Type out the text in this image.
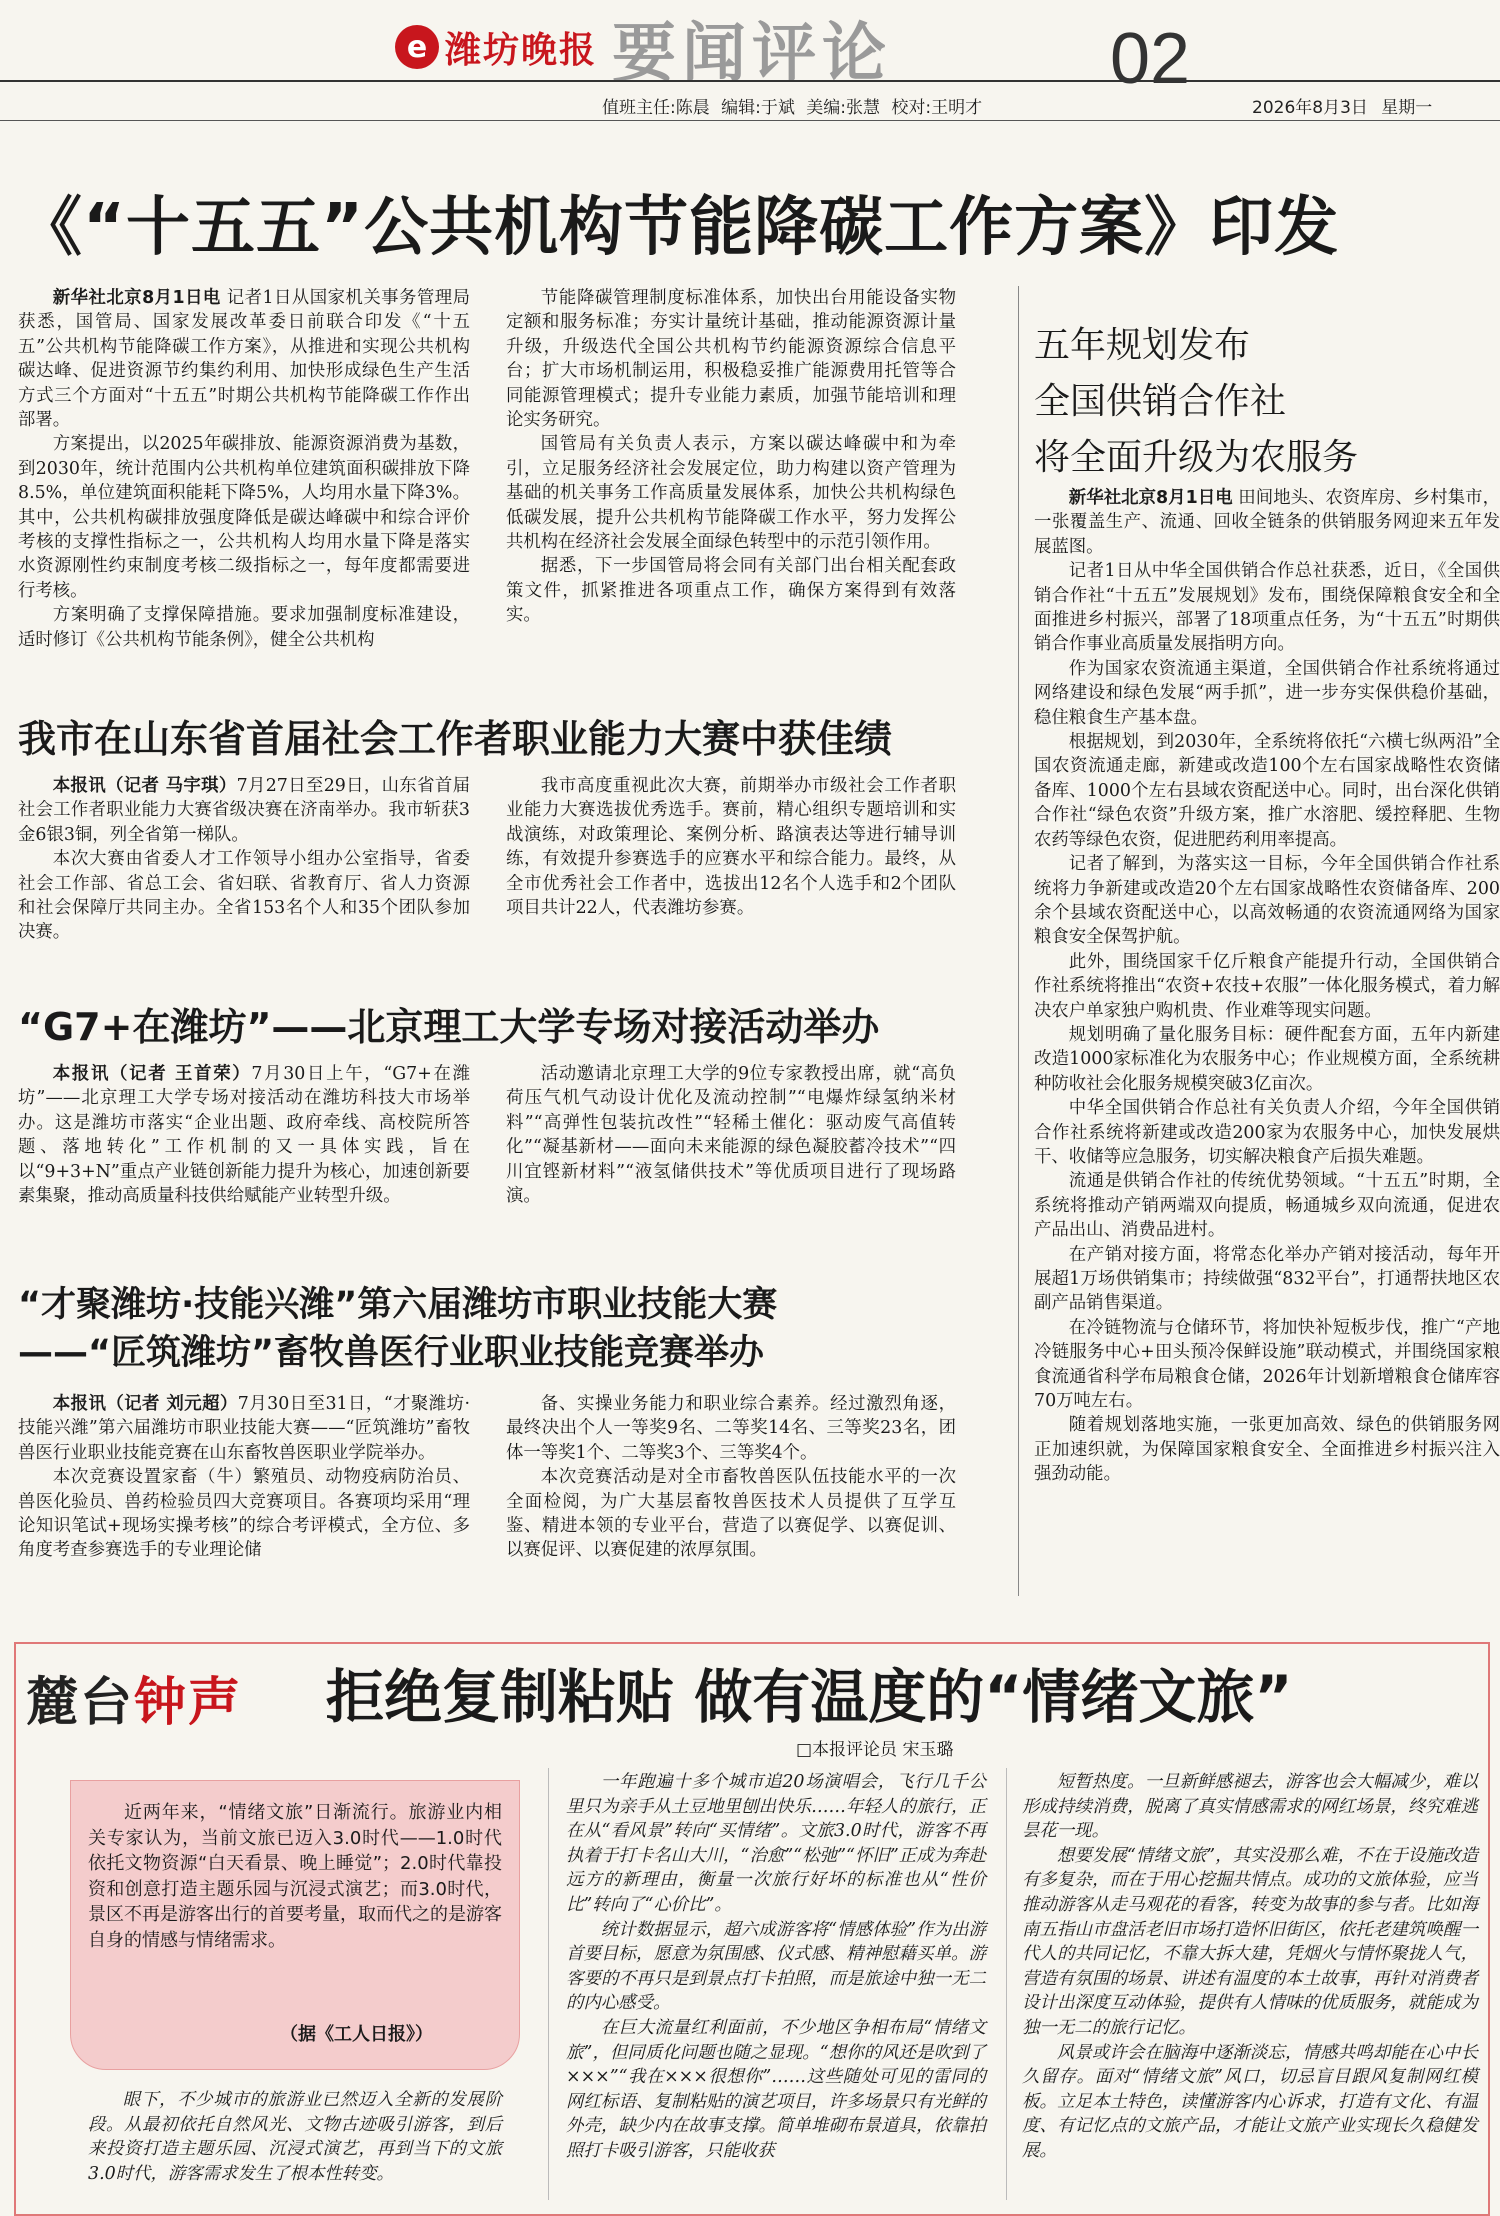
e 潍坊晚报 要闻评论	02
值班主任:陈晨 编辑:于斌 美编:张慧 校对:王明才	2026年8月3日 星期一
《“十五五”公共机构节能降碳工作方案》印发

新华社北京8月1日电 记者1日从国家机关事务管理局获悉，国管局、国家发展改革委日前联合印发《“十五五”公共机构节能降碳工作方案》，从推进和实现公共机构碳达峰、促进资源节约集约利用、加快形成绿色生产生活方式三个方面对“十五五”时期公共机构节能降碳工作作出部署。

方案提出，以2025年碳排放、能源资源消费为基数，到2030年，统计范围内公共机构单位建筑面积碳排放下降8.5%，单位建筑面积能耗下降5%，人均用水量下降3%。其中，公共机构碳排放强度降低是碳达峰碳中和综合评价考核的支撑性指标之一，公共机构人均用水量下降是落实水资源刚性约束制度考核二级指标之一，每年度都需要进行考核。

方案明确了支撑保障措施。要求加强制度标准建设，适时修订《公共机构节能条例》，健全公共机构

节能降碳管理制度标准体系，加快出台用能设备实物定额和服务标准；夯实计量统计基础，推动能源资源计量升级，升级迭代全国公共机构节约能源资源综合信息平台；扩大市场机制运用，积极稳妥推广能源费用托管等合同能源管理模式；提升专业能力素质，加强节能培训和理论实务研究。

国管局有关负责人表示，方案以碳达峰碳中和为牵引，立足服务经济社会发展定位，助力构建以资产管理为基础的机关事务工作高质量发展体系，加快公共机构绿色低碳发展，提升公共机构节能降碳工作水平，努力发挥公共机构在经济社会发展全面绿色转型中的示范引领作用。

据悉，下一步国管局将会同有关部门出台相关配套政策文件，抓紧推进各项重点工作，确保方案得到有效落实。

五年规划发布
全国供销合作社
将全面升级为农服务

新华社北京8月1日电 田间地头、农资库房、乡村集市，一张覆盖生产、流通、回收全链条的供销服务网迎来五年发展蓝图。

记者1日从中华全国供销合作总社获悉，近日，《全国供销合作社“十五五”发展规划》发布，围绕保障粮食安全和全面推进乡村振兴，部署了18项重点任务，为“十五五”时期供销合作事业高质量发展指明方向。

作为国家农资流通主渠道，全国供销合作社系统将通过网络建设和绿色发展“两手抓”，进一步夯实保供稳价基础，稳住粮食生产基本盘。

根据规划，到2030年，全系统将依托“六横七纵两沿”全国农资流通走廊，新建或改造100个左右国家战略性农资储备库、1000个左右县域农资配送中心。同时，出台深化供销合作社“绿色农资”升级方案，推广水溶肥、缓控释肥、生物农药等绿色农资，促进肥药利用率提高。

记者了解到，为落实这一目标，今年全国供销合作社系统将力争新建或改造20个左右国家战略性农资储备库、200余个县域农资配送中心，以高效畅通的农资流通网络为国家粮食安全保驾护航。

此外，围绕国家千亿斤粮食产能提升行动，全国供销合作社系统将推出“农资+农技+农服”一体化服务模式，着力解决农户单家独户购机贵、作业难等现实问题。

规划明确了量化服务目标：硬件配套方面，五年内新建改造1000家标准化为农服务中心；作业规模方面，全系统耕种防收社会化服务规模突破3亿亩次。

中华全国供销合作总社有关负责人介绍，今年全国供销合作社系统将新建或改造200家为农服务中心，加快发展烘干、收储等应急服务，切实解决粮食产后损失难题。

流通是供销合作社的传统优势领域。“十五五”时期，全系统将推动产销两端双向提质，畅通城乡双向流通，促进农产品出山、消费品进村。

在产销对接方面，将常态化举办产销对接活动，每年开展超1万场供销集市；持续做强“832平台”，打通帮扶地区农副产品销售渠道。

在冷链物流与仓储环节，将加快补短板步伐，推广“产地冷链服务中心+田头预冷保鲜设施”联动模式，并围绕国家粮食流通省科学布局粮食仓储，2026年计划新增粮食仓储库容70万吨左右。

随着规划落地实施，一张更加高效、绿色的供销服务网正加速织就，为保障国家粮食安全、全面推进乡村振兴注入强劲动能。

我市在山东省首届社会工作者职业能力大赛中获佳绩

本报讯（记者 马宇琪）7月27日至29日，山东省首届社会工作者职业能力大赛省级决赛在济南举办。我市斩获3金6银3铜，列全省第一梯队。

本次大赛由省委人才工作领导小组办公室指导，省委社会工作部、省总工会、省妇联、省教育厅、省人力资源和社会保障厅共同主办。全省153名个人和35个团队参加决赛。

我市高度重视此次大赛，前期举办市级社会工作者职业能力大赛选拔优秀选手。赛前，精心组织专题培训和实战演练，对政策理论、案例分析、路演表达等进行辅导训练，有效提升参赛选手的应赛水平和综合能力。最终，从全市优秀社会工作者中，选拔出12名个人选手和2个团队项目共计22人，代表潍坊参赛。

“G7+在潍坊”——北京理工大学专场对接活动举办

本报讯（记者 王首荣）7月30日上午，“G7+在潍坊”——北京理工大学专场对接活动在潍坊科技大市场举办。这是潍坊市落实“企业出题、政府牵线、高校院所答题、落地转化”工作机制的又一具体实践，旨在以“9+3+N”重点产业链创新能力提升为核心，加速创新要素集聚，推动高质量科技供给赋能产业转型升级。

活动邀请北京理工大学的9位专家教授出席，就“高负荷压气机气动设计优化及流动控制”“电爆炸绿氢纳米材料”“高弹性包装抗改性”“轻稀土催化：驱动废气高值转化”“凝基新材——面向未来能源的绿色凝胶蓄冷技术”“四川宜铿新材料”“液氢储供技术”等优质项目进行了现场路演。

“才聚潍坊·技能兴潍”第六届潍坊市职业技能大赛
——“匠筑潍坊”畜牧兽医行业职业技能竞赛举办

本报讯（记者 刘元超）7月30日至31日，“才聚潍坊·技能兴潍”第六届潍坊市职业技能大赛——“匠筑潍坊”畜牧兽医行业职业技能竞赛在山东畜牧兽医职业学院举办。

本次竞赛设置家畜（牛）繁殖员、动物疫病防治员、兽医化验员、兽药检验员四大竞赛项目。各赛项均采用“理论知识笔试+现场实操考核”的综合考评模式，全方位、多角度考查参赛选手的专业理论储

备、实操业务能力和职业综合素养。经过激烈角逐，最终决出个人一等奖9名、二等奖14名、三等奖23名，团体一等奖1个、二等奖3个、三等奖4个。

本次竞赛活动是对全市畜牧兽医队伍技能水平的一次全面检阅，为广大基层畜牧兽医技术人员提供了互学互鉴、精进本领的专业平台，营造了以赛促学、以赛促训、以赛促评、以赛促建的浓厚氛围。

麓台钟声 拒绝复制粘贴 做有温度的“情绪文旅”
□本报评论员 宋玉璐
近两年来，“情绪文旅”日渐流行。旅游业内相关专家认为，当前文旅已迈入3.0时代——1.0时代依托文物资源“白天看景、晚上睡觉”；2.0时代靠投资和创意打造主题乐园与沉浸式演艺；而3.0时代，景区不再是游客出行的首要考量，取而代之的是游客自身的情感与情绪需求。
（据《工人日报》）

眼下，不少城市的旅游业已然迈入全新的发展阶段。从最初依托自然风光、文物古迹吸引游客，到后来投资打造主题乐园、沉浸式演艺，再到当下的文旅3.0时代，游客需求发生了根本性转变。

一年跑遍十多个城市追20场演唱会，飞行几千公里只为亲手从土豆地里刨出快乐……年轻人的旅行，正在从“看风景”转向“买情绪”。文旅3.0时代，游客不再执着于打卡名山大川，“治愈”“松弛”“怀旧”正成为奔赴远方的新理由，衡量一次旅行好坏的标准也从“性价比”转向了“心价比”。

统计数据显示，超六成游客将“情感体验”作为出游首要目标，愿意为氛围感、仪式感、精神慰藉买单。游客要的不再只是到景点打卡拍照，而是旅途中独一无二的内心感受。

在巨大流量红利面前，不少地区争相布局“情绪文旅”，但同质化问题也随之显现。“想你的风还是吹到了×××”“我在×××很想你”……这些随处可见的雷同的网红标语、复制粘贴的演艺项目，许多场景只有光鲜的外壳，缺少内在故事支撑。简单堆砌布景道具，依靠拍照打卡吸引游客，只能收获

短暂热度。一旦新鲜感褪去，游客也会大幅减少，难以形成持续消费，脱离了真实情感需求的网红场景，终究难逃昙花一现。

想要发展“情绪文旅”，其实没那么难，不在于设施改造有多复杂，而在于用心挖掘共情点。成功的文旅体验，应当推动游客从走马观花的看客，转变为故事的参与者。比如海南五指山市盘活老旧市场打造怀旧街区，依托老建筑唤醒一代人的共同记忆，不靠大拆大建，凭烟火与情怀聚拢人气，营造有氛围的场景、讲述有温度的本土故事，再针对消费者设计出深度互动体验，提供有人情味的优质服务，就能成为独一无二的旅行记忆。

风景或许会在脑海中逐渐淡忘，情感共鸣却能在心中长久留存。面对“情绪文旅”风口，切忌盲目跟风复制网红模板。立足本土特色，读懂游客内心诉求，打造有文化、有温度、有记忆点的文旅产品，才能让文旅产业实现长久稳健发展。
